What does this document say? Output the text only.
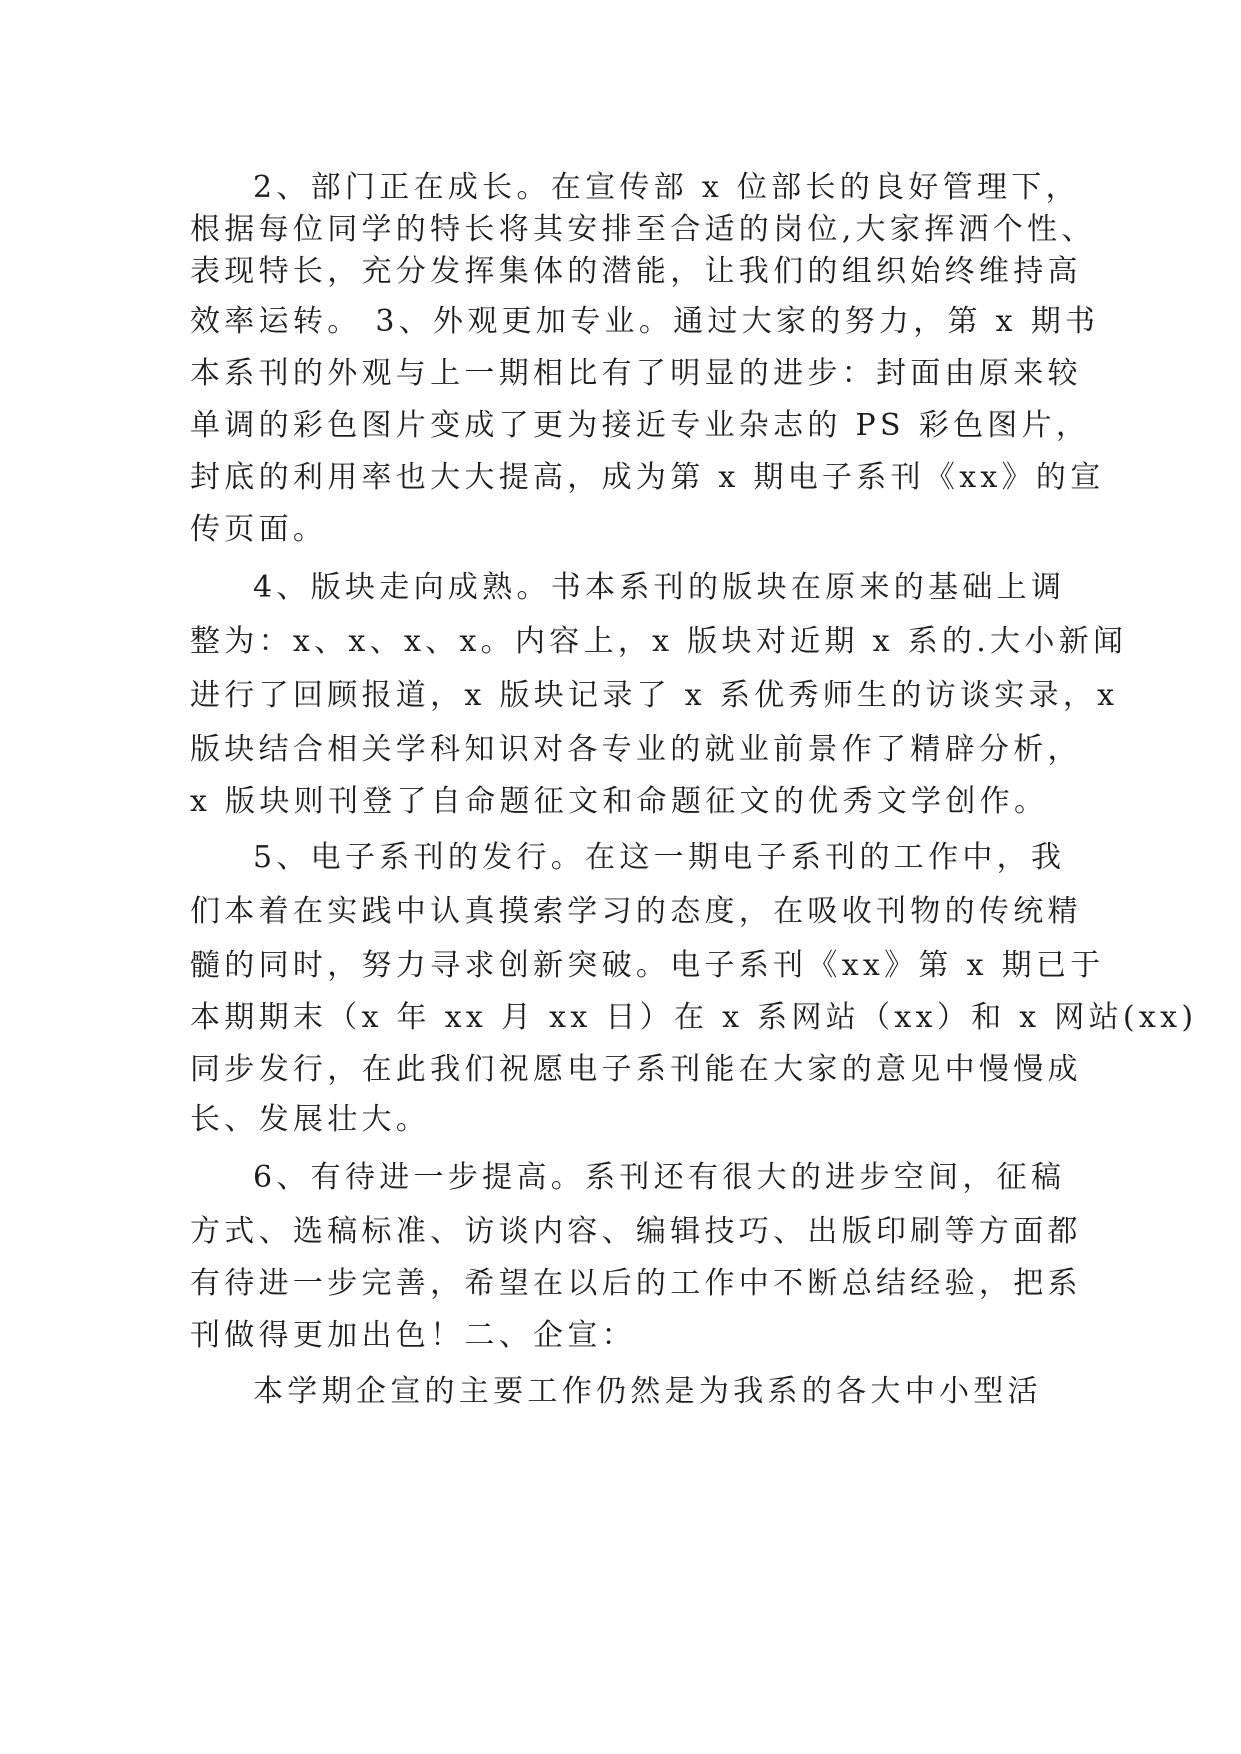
2、部门正在成长。在宣传部 x 位部长的良好管理下，
根据每位同学的特长将其安排至合适的岗位,大家挥洒个性、
表现特长，充分发挥集体的潜能，让我们的组织始终维持高
效率运转。 3、外观更加专业。通过大家的努力，第 x 期书
本系刊的外观与上一期相比有了明显的进步：封面由原来较
单调的彩色图片变成了更为接近专业杂志的 PS 彩色图片，
封底的利用率也大大提高，成为第 x 期电子系刊《xx》的宣
传页面。
4、版块走向成熟。书本系刊的版块在原来的基础上调
整为：x、x、x、x。内容上，x 版块对近期 x 系的.大小新闻
进行了回顾报道，x 版块记录了 x 系优秀师生的访谈实录，x
版块结合相关学科知识对各专业的就业前景作了精辟分析，
x 版块则刊登了自命题征文和命题征文的优秀文学创作。
5、电子系刊的发行。在这一期电子系刊的工作中，我
们本着在实践中认真摸索学习的态度，在吸收刊物的传统精
髓的同时，努力寻求创新突破。电子系刊《xx》第 x 期已于
本期期末（x 年 xx 月 xx 日）在 x 系网站（xx）和 x 网站(xx)
同步发行，在此我们祝愿电子系刊能在大家的意见中慢慢成
长、发展壮大。
6、有待进一步提高。系刊还有很大的进步空间，征稿
方式、选稿标准、访谈内容、编辑技巧、出版印刷等方面都
有待进一步完善，希望在以后的工作中不断总结经验，把系
刊做得更加出色！二、企宣：
本学期企宣的主要工作仍然是为我系的各大中小型活
